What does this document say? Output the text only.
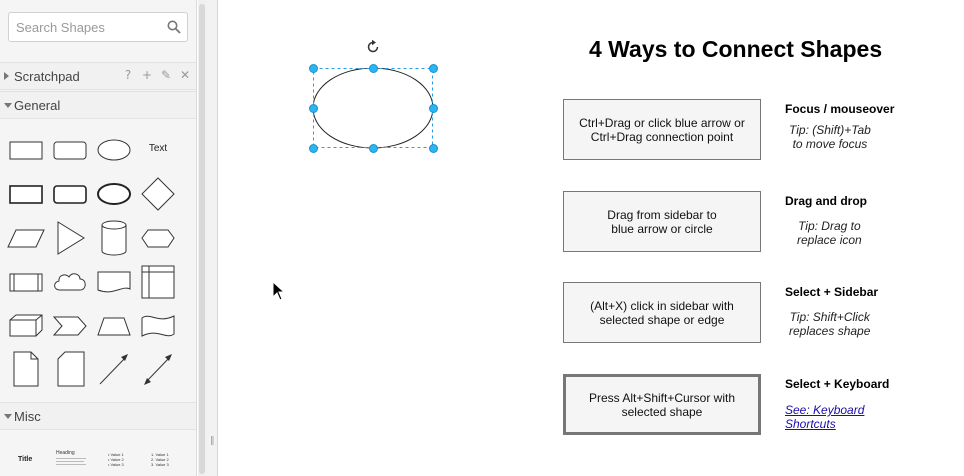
Search Shapes
Scratchpad	? + ✎ ✕
General
Text
Misc
Title
Heading	• Value 1
• Value 2
• Value 3
1. Value 1
2. Value 2
3. Value 3
‖
4 Ways to Connect Shapes
Ctrl+Drag or click blue arrow or
Ctrl+Drag connection point
Focus / mouseover
Tip: (Shift)+Tab
to move focus
Drag from sidebar to
blue arrow or circle
Drag and drop
Tip: Drag to
replace icon
(Alt+X) click in sidebar with
selected shape or edge
Select + Sidebar
Tip: Shift+Click
replaces shape
Press Alt+Shift+Cursor with
selected shape
Select + Keyboard
See: Keyboard
Shortcuts
